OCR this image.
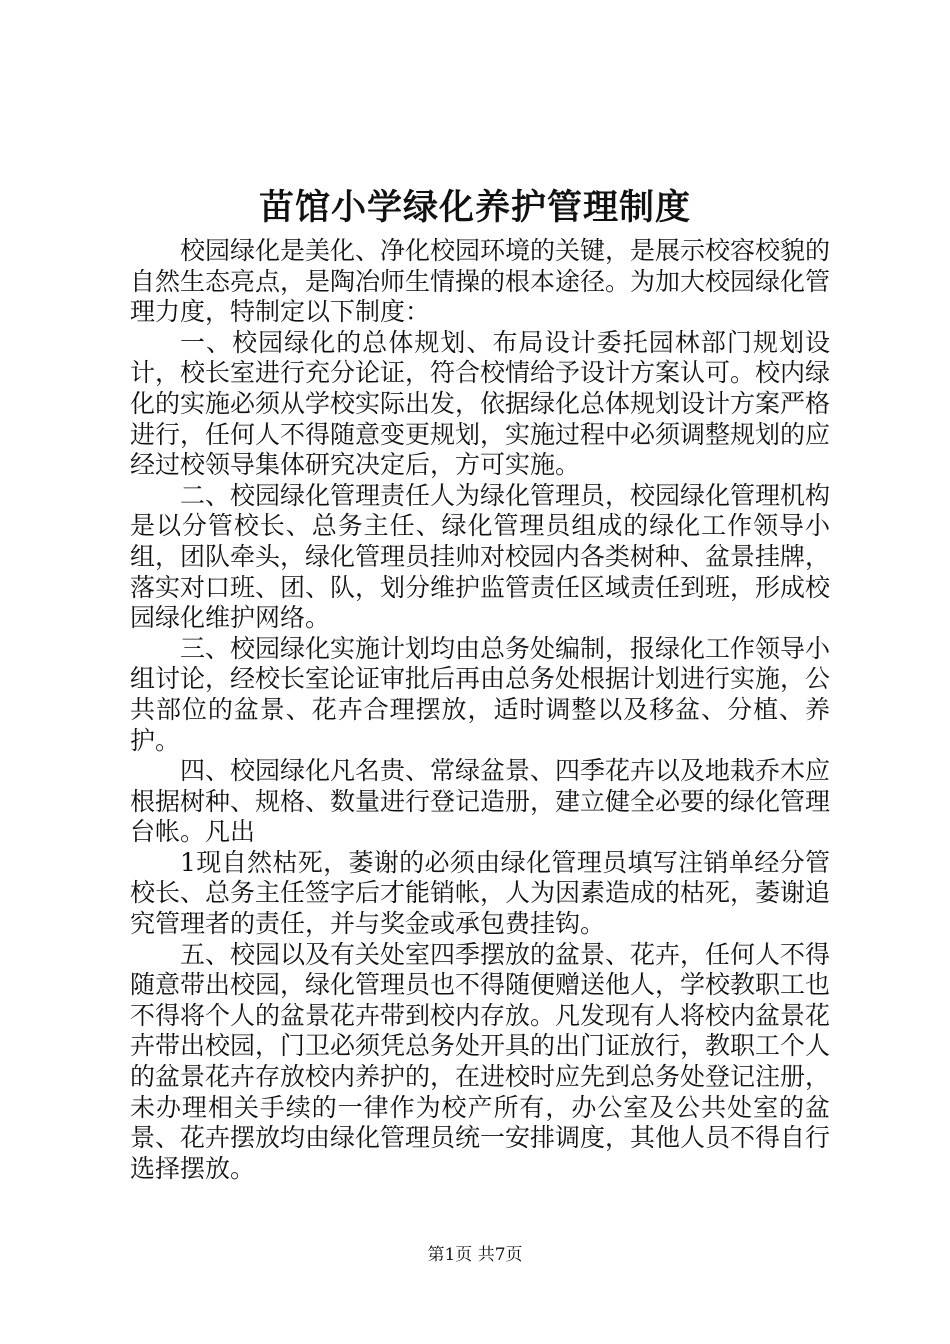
苗馆小学绿化养护管理制度

校园绿化是美化、净化校园环境的关键，是展示校容校貌的自然生态亮点，是陶冶师生情操的根本途径。为加大校园绿化管理力度，特制定以下制度：

一、校园绿化的总体规划、布局设计委托园林部门规划设计，校长室进行充分论证，符合校情给予设计方案认可。校内绿化的实施必须从学校实际出发，依据绿化总体规划设计方案严格进行，任何人不得随意变更规划，实施过程中必须调整规划的应经过校领导集体研究决定后，方可实施。

二、校园绿化管理责任人为绿化管理员，校园绿化管理机构是以分管校长、总务主任、绿化管理员组成的绿化工作领导小组，团队牵头，绿化管理员挂帅对校园内各类树种、盆景挂牌，落实对口班、团、队，划分维护监管责任区域责任到班，形成校园绿化维护网络。

三、校园绿化实施计划均由总务处编制，报绿化工作领导小组讨论，经校长室论证审批后再由总务处根据计划进行实施，公共部位的盆景、花卉合理摆放，适时调整以及移盆、分植、养护。

四、校园绿化凡名贵、常绿盆景、四季花卉以及地栽乔木应根据树种、规格、数量进行登记造册，建立健全必要的绿化管理台帐。凡出

1现自然枯死，萎谢的必须由绿化管理员填写注销单经分管校长、总务主任签字后才能销帐，人为因素造成的枯死，萎谢追究管理者的责任，并与奖金或承包费挂钩。

五、校园以及有关处室四季摆放的盆景、花卉，任何人不得随意带出校园，绿化管理员也不得随便赠送他人，学校教职工也不得将个人的盆景花卉带到校内存放。凡发现有人将校内盆景花卉带出校园，门卫必须凭总务处开具的出门证放行，教职工个人的盆景花卉存放校内养护的，在进校时应先到总务处登记注册，未办理相关手续的一律作为校产所有，办公室及公共处室的盆景、花卉摆放均由绿化管理员统一安排调度，其他人员不得自行选择摆放。

第1页 共7页
